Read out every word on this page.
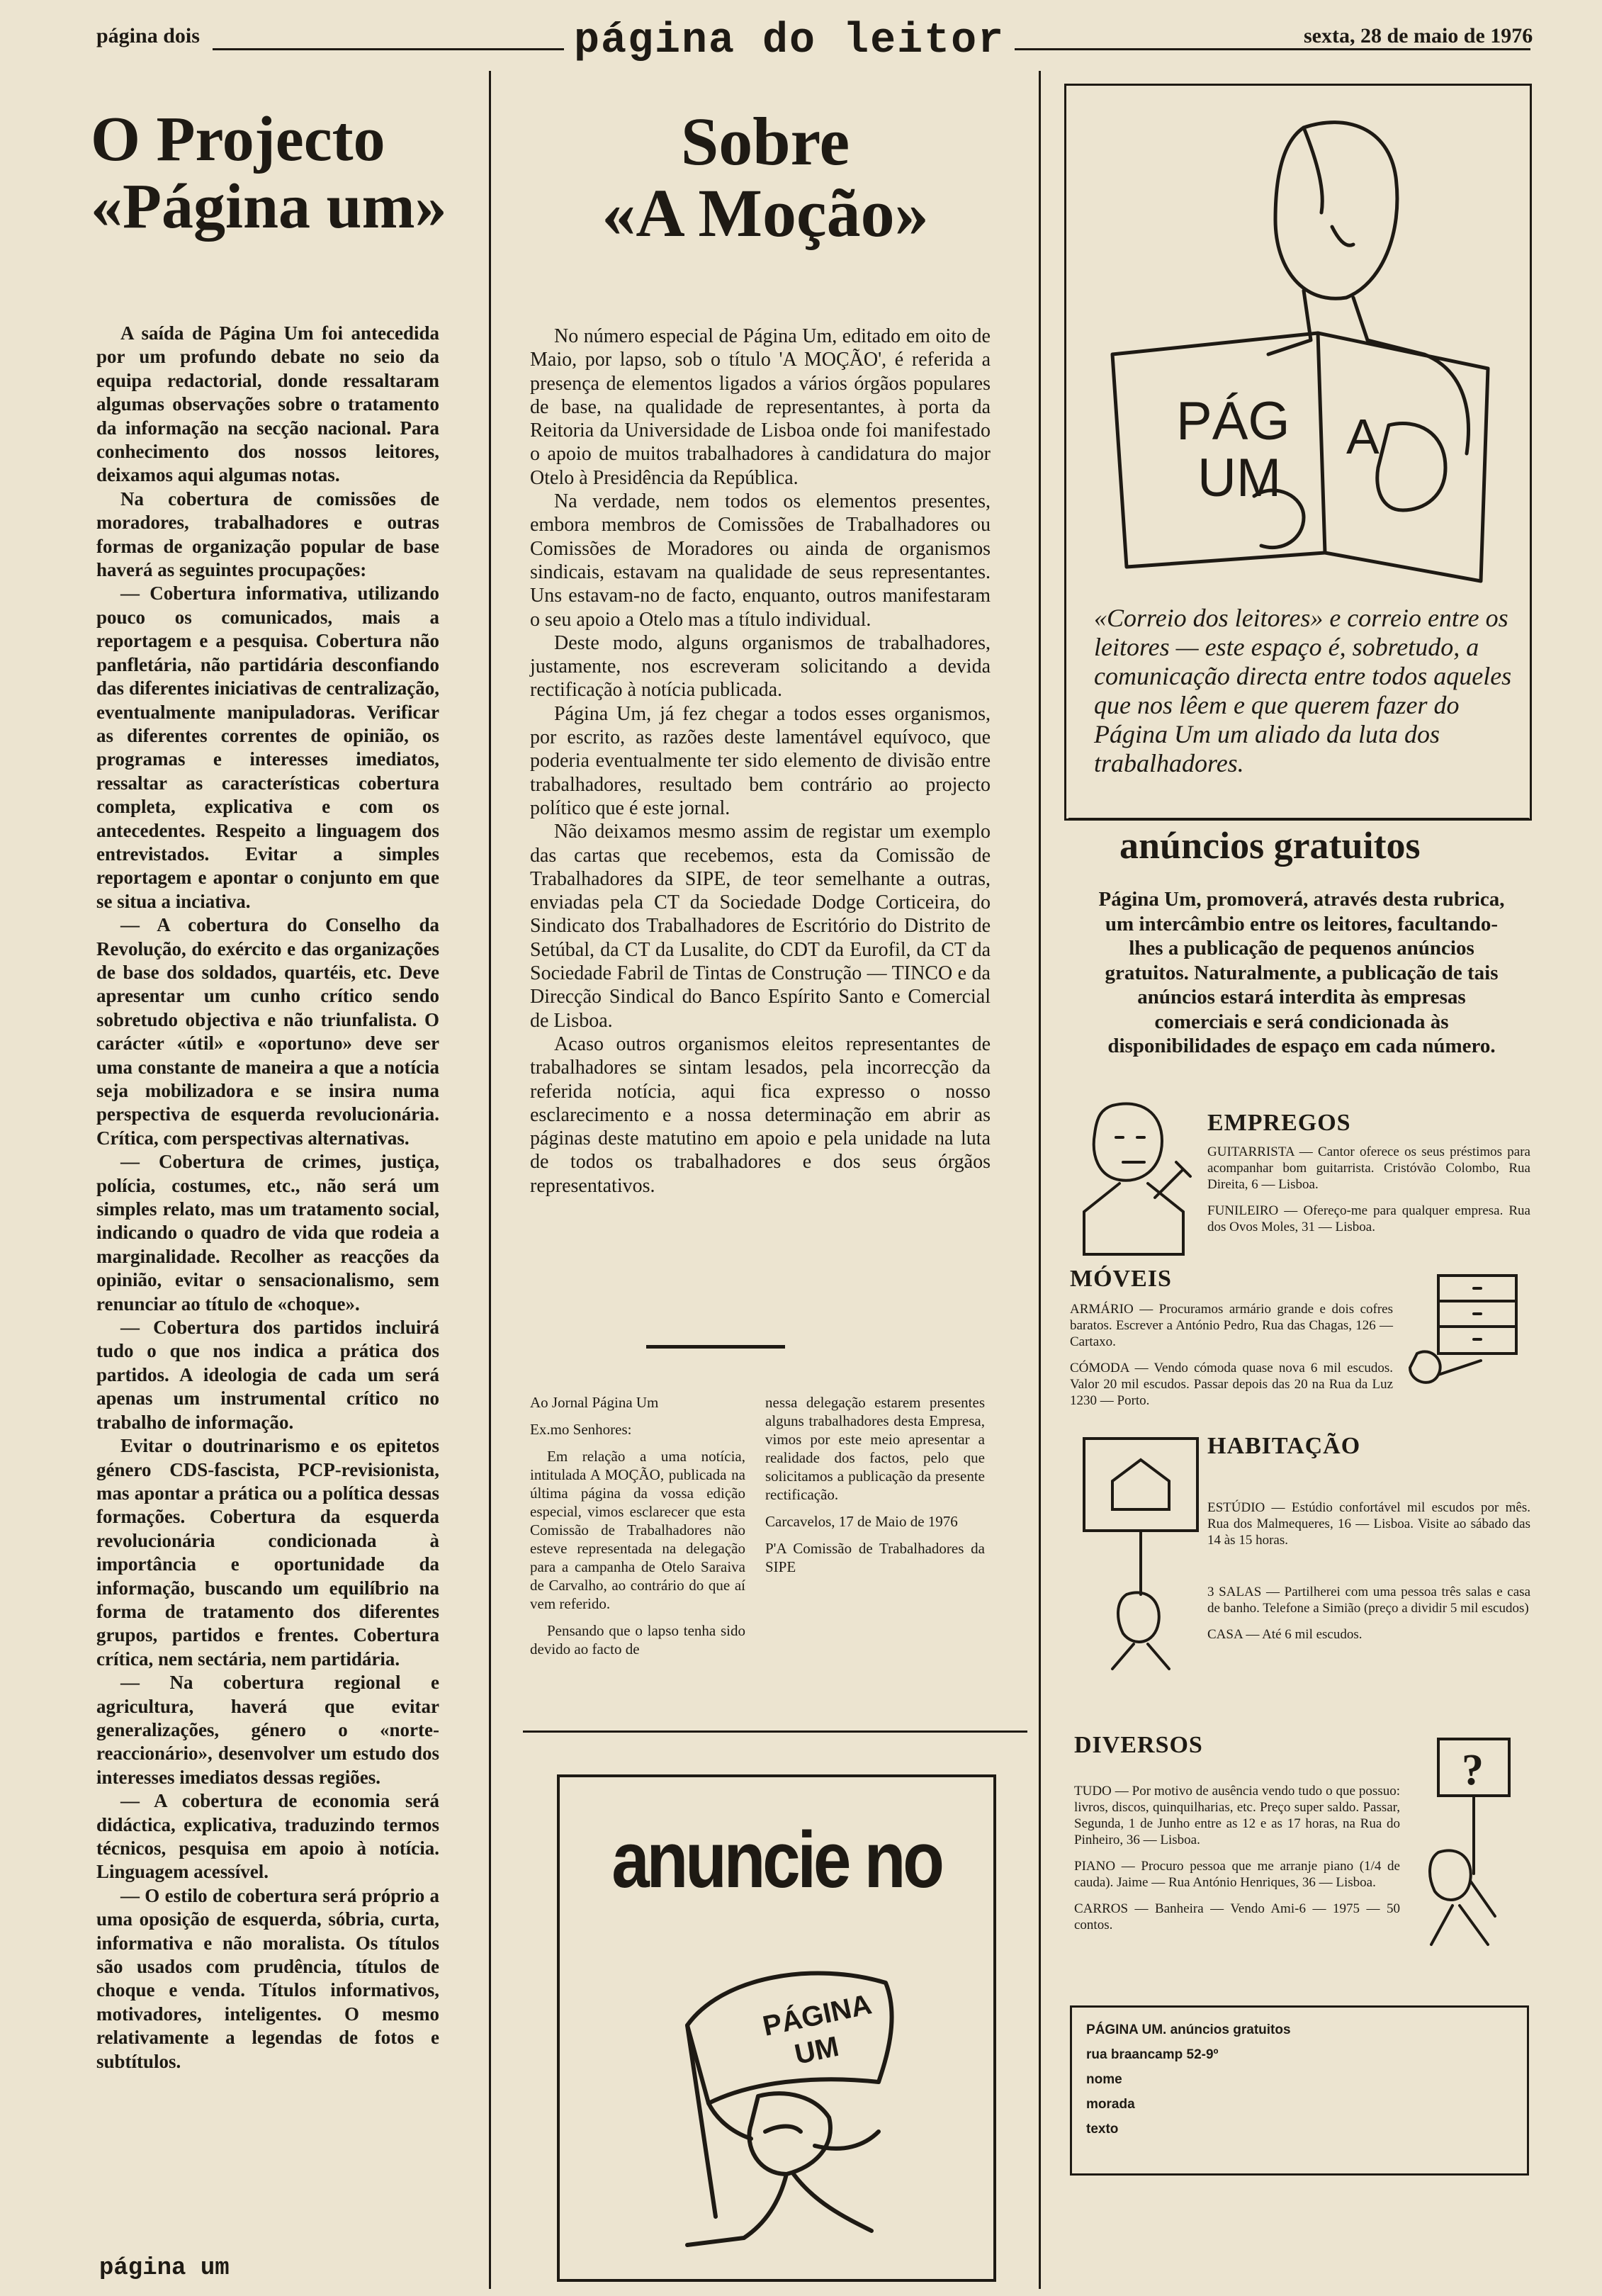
página dois	página do leitor	sexta, 28 de maio de 1976
O Projecto
«Página um»

A saída de Página Um foi antecedida por um profundo debate no seio da equipa redactorial, donde ressaltaram algumas observações sobre o tratamento da informação na secção nacional. Para conhecimento dos nossos leitores, deixamos aqui algumas notas.

Na cobertura de comissões de moradores, trabalhadores e outras formas de organização popular de base haverá as seguintes procupações:

— Cobertura informativa, utilizando pouco os comunicados, mais a reportagem e a pesquisa. Cobertura não panfletária, não partidária desconfiando das diferentes iniciativas de centralização, eventualmente manipuladoras. Verificar as diferentes correntes de opinião, os programas e interesses imediatos, ressaltar as características cobertura completa, explicativa e com os antecedentes. Respeito a linguagem dos entrevistados. Evitar a simples reportagem e apontar o conjunto em que se situa a inciativa.

— A cobertura do Conselho da Revolução, do exército e das organizações de base dos soldados, quartéis, etc. Deve apresentar um cunho crítico sendo sobretudo objectiva e não triunfalista. O carácter «útil» e «oportuno» deve ser uma constante de maneira a que a notícia seja mobilizadora e se insira numa perspectiva de esquerda revolucionária. Crítica, com perspectivas alternativas.

— Cobertura de crimes, justiça, polícia, costumes, etc., não será um simples relato, mas um tratamento social, indicando o quadro de vida que rodeia a marginalidade. Recolher as reacções da opinião, evitar o sensacionalismo, sem renunciar ao título de «choque».

— Cobertura dos partidos incluirá tudo o que nos indica a prática dos partidos. A ideologia de cada um será apenas um instrumental crítico no trabalho de informação.

Evitar o doutrinarismo e os epitetos género CDS-fascista, PCP-revisionista, mas apontar a prática ou a política dessas formações. Cobertura da esquerda revolucionária condicionada à importância e oportunidade da informação, buscando um equilíbrio na forma de tratamento dos diferentes grupos, partidos e frentes. Cobertura crítica, nem sectária, nem partidária.

— Na cobertura regional e agricultura, haverá que evitar generalizações, género o «norte-reaccionário», desenvolver um estudo dos interesses imediatos dessas regiões.

— A cobertura de economia será didáctica, explicativa, traduzindo termos técnicos, pesquisa em apoio à notícia. Linguagem acessível.

— O estilo de cobertura será próprio a uma oposição de esquerda, sóbria, curta, informativa e não moralista. Os títulos são usados com prudência, títulos de choque e venda. Títulos informativos, motivadores, inteligentes. O mesmo relativamente a legendas de fotos e subtítulos.

página um
Sobre
«A Moção»

No número especial de Página Um, editado em oito de Maio, por lapso, sob o título 'A MOÇÃO', é referida a presença de elementos ligados a vários órgãos populares de base, na qualidade de representantes, à porta da Reitoria da Universidade de Lisboa onde foi manifestado o apoio de muitos trabalhadores à candidatura do major Otelo à Presidência da República.

Na verdade, nem todos os elementos presentes, embora membros de Comissões de Trabalhadores ou Comissões de Moradores ou ainda de organismos sindicais, estavam na qualidade de seus representantes. Uns estavam-no de facto, enquanto, outros manifestaram o seu apoio a Otelo mas a título individual.

Deste modo, alguns organismos de trabalhadores, justamente, nos escreveram solicitando a devida rectificação à notícia publicada.

Página Um, já fez chegar a todos esses organismos, por escrito, as razões deste lamentável equívoco, que poderia eventualmente ter sido elemento de divisão entre trabalhadores, resultado bem contrário ao projecto político que é este jornal.

Não deixamos mesmo assim de registar um exemplo das cartas que recebemos, esta da Comissão de Trabalhadores da SIPE, de teor semelhante a outras, enviadas pela CT da Sociedade Dodge Corticeira, do Sindicato dos Trabalhadores de Escritório do Distrito de Setúbal, da CT da Lusalite, do CDT da Eurofil, da CT da Sociedade Fabril de Tintas de Construção — TINCO e da Direcção Sindical do Banco Espírito Santo e Comercial de Lisboa.

Acaso outros organismos eleitos representantes de trabalhadores se sintam lesados, pela incorrecção da referida notícia, aqui fica expresso o nosso esclarecimento e a nossa determinação em abrir as páginas deste matutino em apoio e pela unidade na luta de todos os trabalhadores e dos seus órgãos representativos.

Ao Jornal Página Um

Ex.mo Senhores:

Em relação a uma notícia, intitulada A MOÇÃO, publicada na última página da vossa edição especial, vimos esclarecer que esta Comissão de Trabalhadores não esteve representada na delegação para a campanha de Otelo Saraiva de Carvalho, ao contrário do que aí vem referido.

Pensando que o lapso tenha sido devido ao facto de

nessa delegação estarem presentes alguns trabalhadores desta Empresa, vimos por este meio apresentar a realidade dos factos, pelo que solicitamos a publicação da presente rectificação.

Carcavelos, 17 de Maio de 1976

P'A Comissão de Trabalhadores da SIPE

anuncie no
PÁGINA
UM
PÁG
UM
A
«Correio dos leitores» e correio entre os leitores — este espaço é, sobretudo, a comunicação directa entre todos aqueles que nos lêem e que querem fazer do Página Um um aliado da luta dos trabalhadores.
anúncios gratuitos
Página Um, promoverá, através desta rubrica, um intercâmbio entre os leitores, facultando-lhes a publicação de pequenos anúncios gratuitos. Naturalmente, a publicação de tais anúncios estará interdita às empresas comerciais e será condicionada às disponibilidades de espaço em cada número.
EMPREGOS

GUITARRISTA — Cantor oferece os seus préstimos para acompanhar bom guitarrista. Cristóvão Colombo, Rua Direita, 6 — Lisboa.

FUNILEIRO — Ofereço-me para qualquer empresa. Rua dos Ovos Moles, 31 — Lisboa.

MÓVEIS

ARMÁRIO — Procuramos armário grande e dois cofres baratos. Escrever a António Pedro, Rua das Chagas, 126 — Cartaxo.

CÓMODA — Vendo cómoda quase nova 6 mil escudos. Valor 20 mil escudos. Passar depois das 20 na Rua da Luz 1230 — Porto.

HABITAÇÃO

ESTÚDIO — Estúdio confortável mil escudos por mês. Rua dos Malmequeres, 16 — Lisboa. Visite ao sábado das 14 às 15 horas.

3 SALAS — Partilherei com uma pessoa três salas e casa de banho. Telefone a Simião (preço a dividir 5 mil escudos)

CASA — Até 6 mil escudos.

DIVERSOS

TUDO — Por motivo de ausência vendo tudo o que possuo: livros, discos, quinquilharias, etc. Preço super saldo. Passar, Segunda, 1 de Junho entre as 12 e as 17 horas, na Rua do Pinheiro, 36 — Lisboa.

PIANO — Procuro pessoa que me arranje piano (1/4 de cauda). Jaime — Rua António Henriques, 36 — Lisboa.

CARROS — Banheira — Vendo Ami-6 — 1975 — 50 contos.

?
PÁGINA UM. anúncios gratuitos
rua braancamp 52-9º
nome
morada
texto
